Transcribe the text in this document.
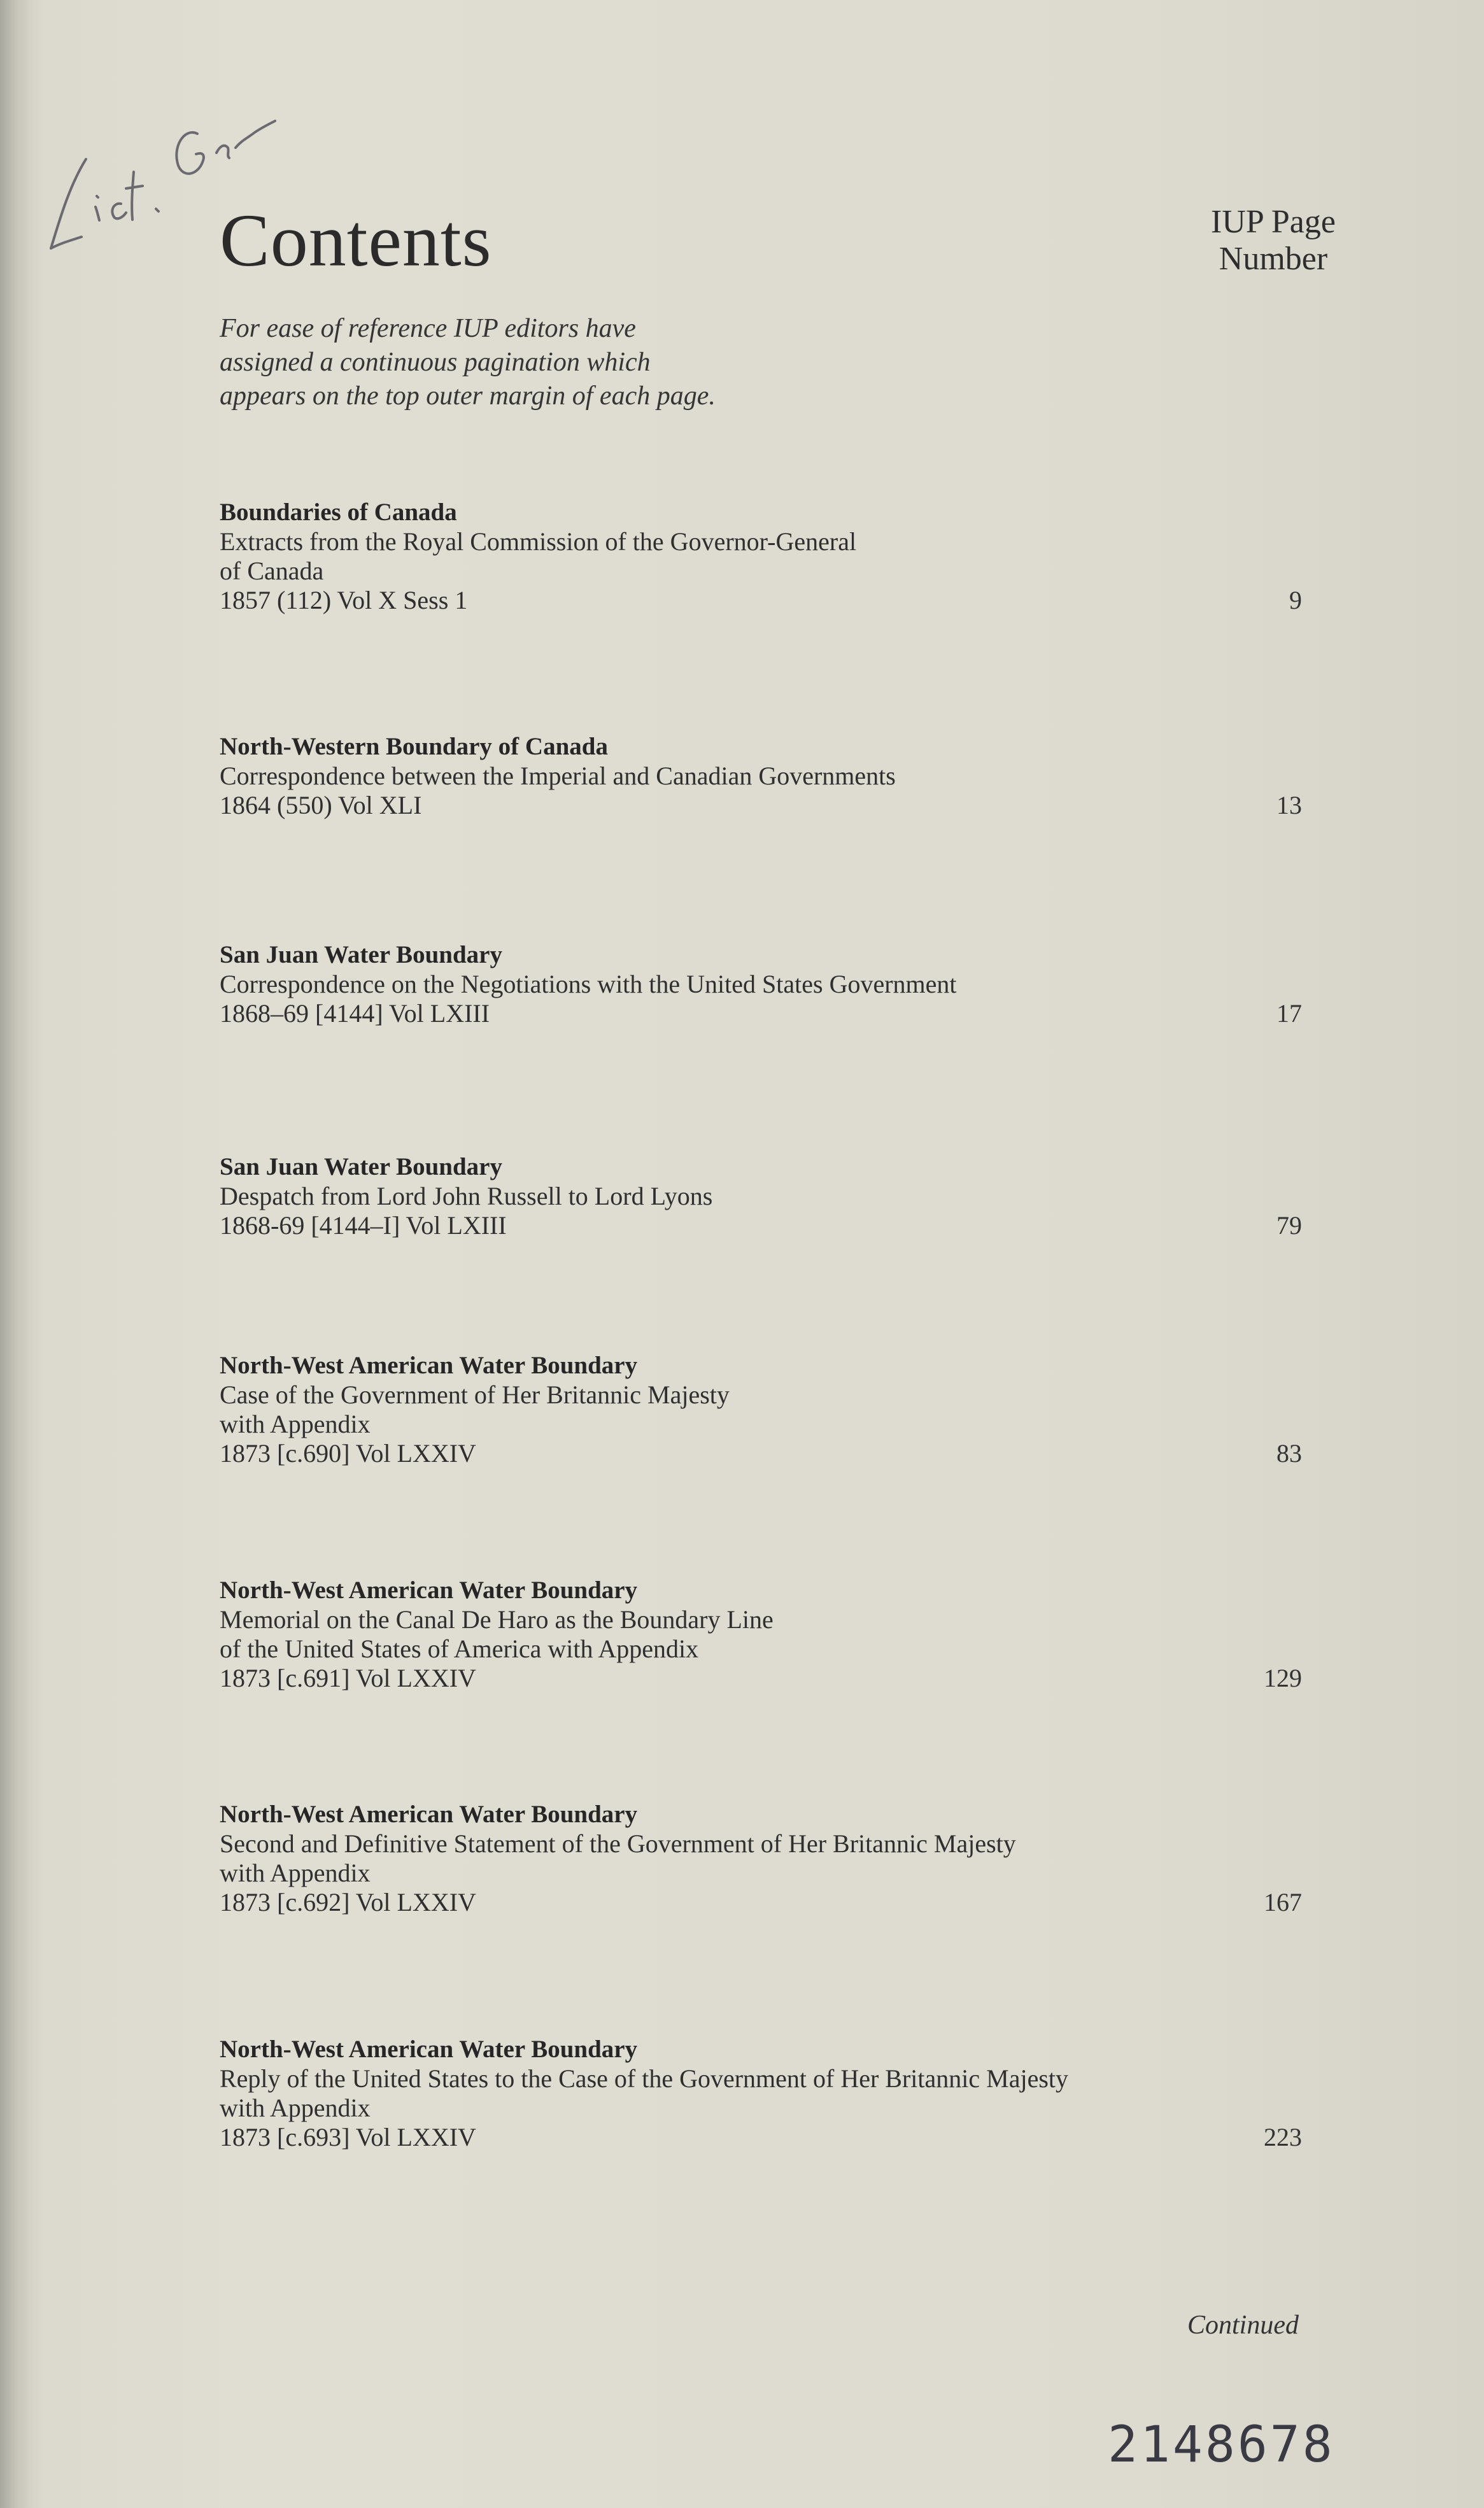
Contents	IUP Page
Number
For ease of reference IUP editors have
assigned a continuous pagination which
appears on the top outer margin of each page.
Boundaries of Canada
Extracts from the Royal Commission of the Governor-General
of Canada
1857 (112) Vol X Sess 1	9
North-Western Boundary of Canada
Correspondence between the Imperial and Canadian Governments
1864 (550) Vol XLI	13
San Juan Water Boundary
Correspondence on the Negotiations with the United States Government
1868–69 [4144] Vol LXIII	17
San Juan Water Boundary
Despatch from Lord John Russell to Lord Lyons
1868-69 [4144–I] Vol LXIII	79
North-West American Water Boundary
Case of the Government of Her Britannic Majesty
with Appendix
1873 [c.690] Vol LXXIV	83
North-West American Water Boundary
Memorial on the Canal De Haro as the Boundary Line
of the United States of America with Appendix
1873 [c.691] Vol LXXIV	129
North-West American Water Boundary
Second and Definitive Statement of the Government of Her Britannic Majesty
with Appendix
1873 [c.692] Vol LXXIV	167
North-West American Water Boundary
Reply of the United States to the Case of the Government of Her Britannic Majesty
with Appendix
1873 [c.693] Vol LXXIV	223
Continued
2148678
